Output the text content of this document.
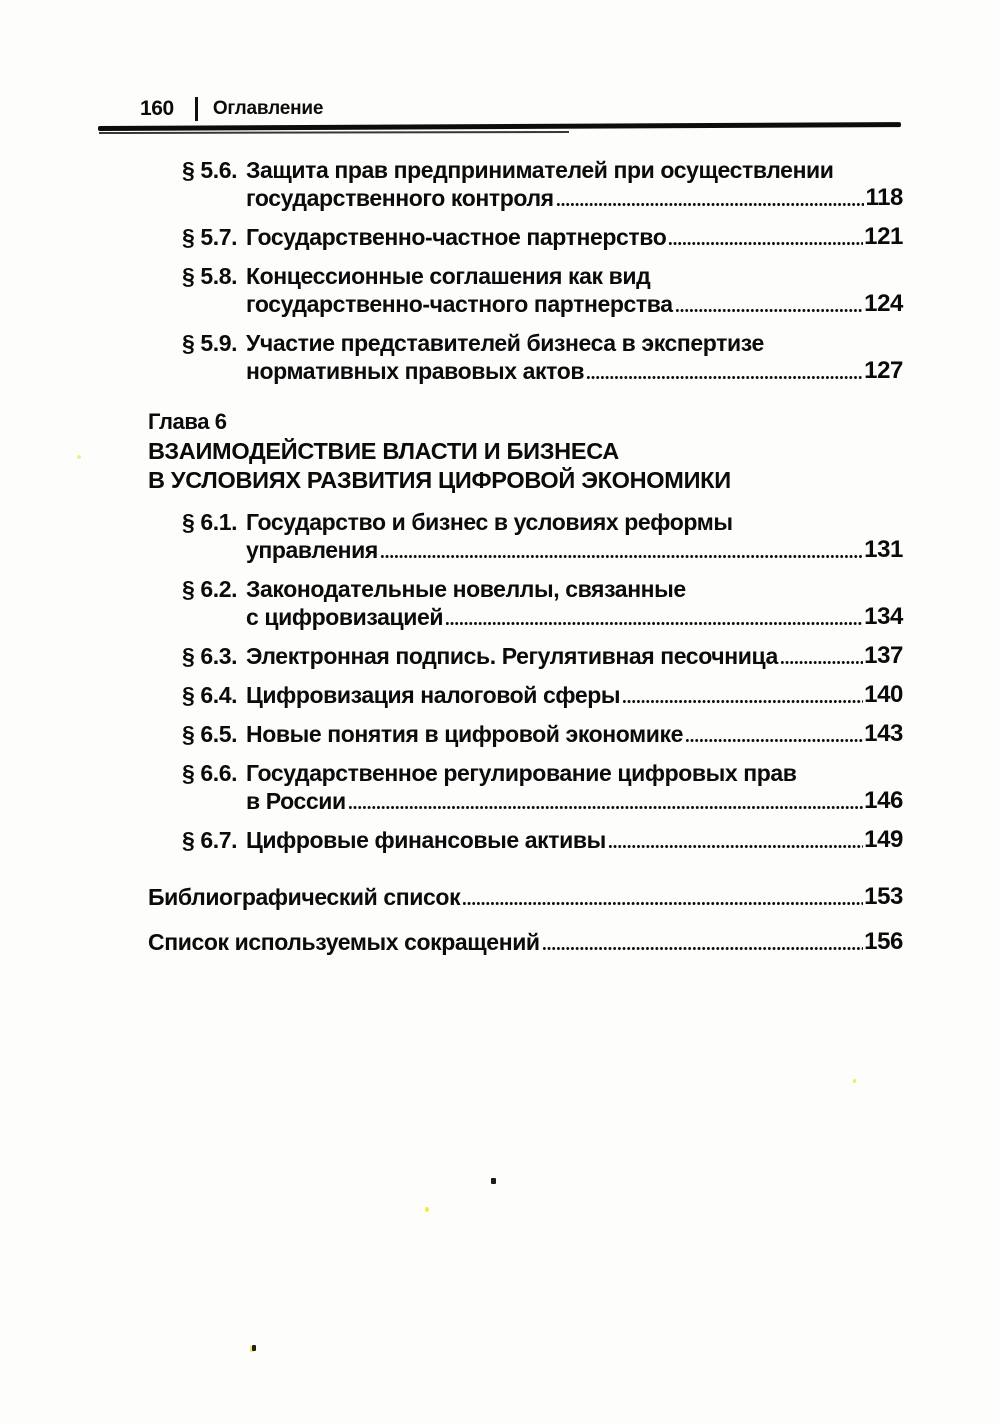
160 Оглавление
§ 5.6. Защита прав предпринимателей при осуществлении
государственного контроля	118
§ 5.7. Государственно-частное партнерство	121
§ 5.8. Концессионные соглашения как вид
государственно-частного партнерства	124
§ 5.9. Участие представителей бизнеса в экспертизе
нормативных правовых актов	127
Глава 6
ВЗАИМОДЕЙСТВИЕ ВЛАСТИ И БИЗНЕСА
В УСЛОВИЯХ РАЗВИТИЯ ЦИФРОВОЙ ЭКОНОМИКИ
§ 6.1. Государство и бизнес в условиях реформы
управления	131
§ 6.2. Законодательные новеллы, связанные
с цифровизацией	134
§ 6.3. Электронная подпись. Регулятивная песочница	137
§ 6.4. Цифровизация налоговой сферы	140
§ 6.5. Новые понятия в цифровой экономике	143
§ 6.6. Государственное регулирование цифровых прав
в России	146
§ 6.7. Цифровые финансовые активы	149
Библиографический список	153
Список используемых сокращений	156
